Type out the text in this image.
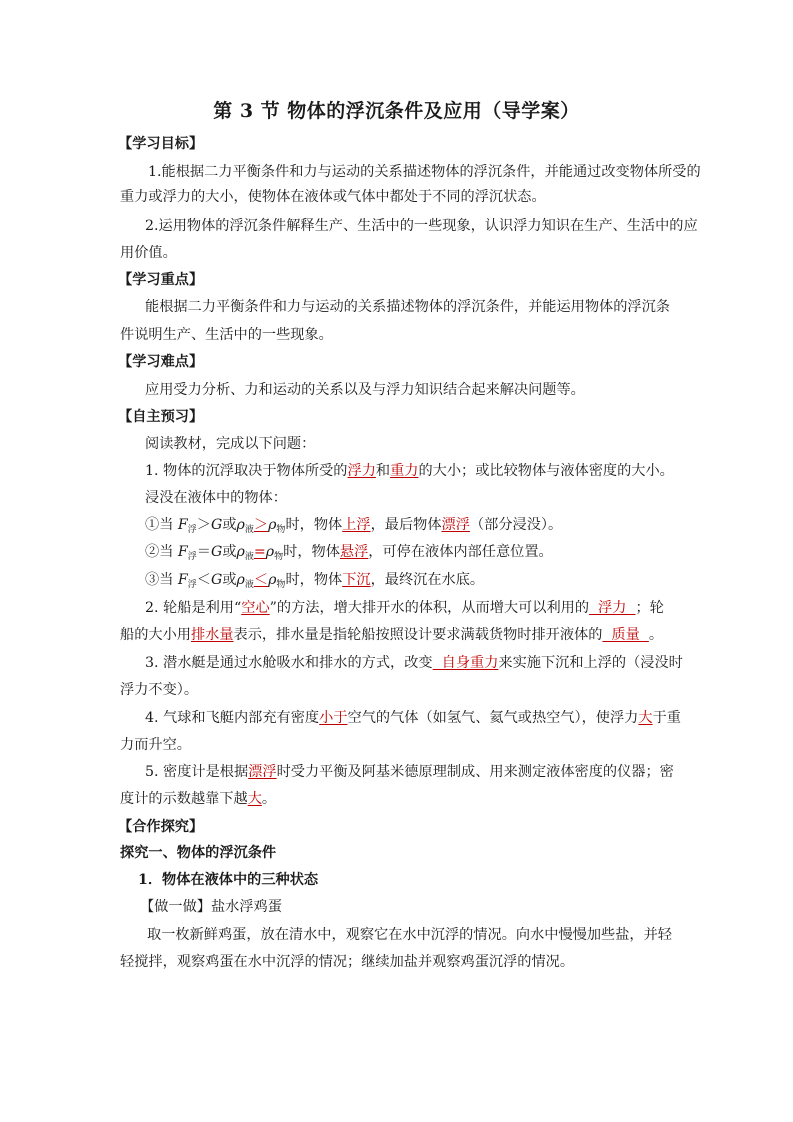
第 3 节 物体的浮沉条件及应用（导学案）
【学习目标】
1.能根据二力平衡条件和力与运动的关系描述物体的浮沉条件，并能通过改变物体所受的
重力或浮力的大小，使物体在液体或气体中都处于不同的浮沉状态。
2.运用物体的浮沉条件解释生产、生活中的一些现象，认识浮力知识在生产、生活中的应
用价值。
【学习重点】
能根据二力平衡条件和力与运动的关系描述物体的浮沉条件，并能运用物体的浮沉条
件说明生产、生活中的一些现象。
【学习难点】
应用受力分析、力和运动的关系以及与浮力知识结合起来解决问题等。
【自主预习】
阅读教材，完成以下问题：
1. 物体的沉浮取决于物体所受的浮力和重力的大小；或比较物体与液体密度的大小。
浸没在液体中的物体：
①当 $F_浮>G$或$\rho_液>\rho_物$时，物体上浮，最后物体漂浮（部分浸没）。
②当 $F_浮=G$或$\rho_液=\rho_物$时，物体悬浮，可停在液体内部任意位置。
③当 $F_浮<G$或$\rho_液<\rho_物$时，物体下沉，最终沉在水底。
2. 轮船是利用“空心”的方法，增大排开水的体积，从而增大可以利用的  浮力  ；轮
船的大小用排水量表示，排水量是指轮船按照设计要求满载货物时排开液体的  质量  。
3. 潜水艇是通过水舱吸水和排水的方式，改变  自身重力来实施下沉和上浮的（浸没时
浮力不变）。
4. 气球和飞艇内部充有密度小于空气的气体（如氢气、氦气或热空气），使浮力大于重
力而升空。
5. 密度计是根据漂浮时受力平衡及阿基米德原理制成、用来测定液体密度的仪器；密
度计的示数越靠下越大。
【合作探究】
探究一、物体的浮沉条件
1．物体在液体中的三种状态
【做一做】盐水浮鸡蛋
取一枚新鲜鸡蛋，放在清水中，观察它在水中沉浮的情况。向水中慢慢加些盐，并轻
轻搅拌，观察鸡蛋在水中沉浮的情况；继续加盐并观察鸡蛋沉浮的情况。
